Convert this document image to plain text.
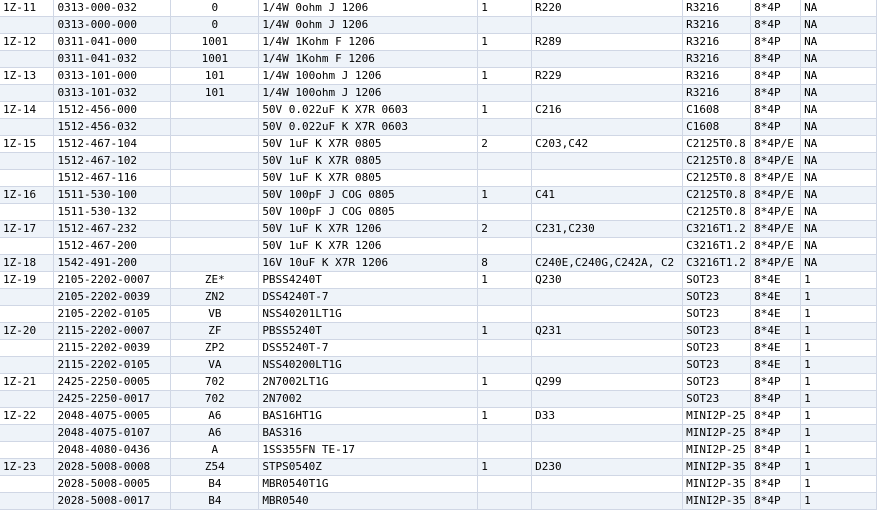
1Z-11	0313-000-032	0	1/4W 0ohm J 1206	1	R220	R3216	8*4P	NA
	0313-000-000	0	1/4W 0ohm J 1206			R3216	8*4P	NA
1Z-12	0311-041-000	1001	1/4W 1Kohm F 1206	1	R289	R3216	8*4P	NA
	0311-041-032	1001	1/4W 1Kohm F 1206			R3216	8*4P	NA
1Z-13	0313-101-000	101	1/4W 100ohm J 1206	1	R229	R3216	8*4P	NA
	0313-101-032	101	1/4W 100ohm J 1206			R3216	8*4P	NA
1Z-14	1512-456-000		50V 0.022uF K X7R 0603	1	C216	C1608	8*4P	NA
	1512-456-032		50V 0.022uF K X7R 0603			C1608	8*4P	NA
1Z-15	1512-467-104		50V 1uF K X7R 0805	2	C203,C42	C2125T0.8	8*4P/E	NA
	1512-467-102		50V 1uF K X7R 0805			C2125T0.8	8*4P/E	NA
	1512-467-116		50V 1uF K X7R 0805			C2125T0.8	8*4P/E	NA
1Z-16	1511-530-100		50V 100pF J COG 0805	1	C41	C2125T0.8	8*4P/E	NA
	1511-530-132		50V 100pF J COG 0805			C2125T0.8	8*4P/E	NA
1Z-17	1512-467-232		50V 1uF K X7R 1206	2	C231,C230	C3216T1.2	8*4P/E	NA
	1512-467-200		50V 1uF K X7R 1206			C3216T1.2	8*4P/E	NA
1Z-18	1542-491-200		16V 10uF K X7R 1206	8	C240E,C240G,C242A, C2	C3216T1.2	8*4P/E	NA
1Z-19	2105-2202-0007	ZE*	PBSS4240T	1	Q230	SOT23	8*4E	1
	2105-2202-0039	ZN2	DSS4240T-7			SOT23	8*4E	1
	2105-2202-0105	VB	NSS40201LT1G			SOT23	8*4E	1
1Z-20	2115-2202-0007	ZF	PBSS5240T	1	Q231	SOT23	8*4E	1
	2115-2202-0039	ZP2	DSS5240T-7			SOT23	8*4E	1
	2115-2202-0105	VA	NSS40200LT1G			SOT23	8*4E	1
1Z-21	2425-2250-0005	702	2N7002LT1G	1	Q299	SOT23	8*4P	1
	2425-2250-0017	702	2N7002			SOT23	8*4P	1
1Z-22	2048-4075-0005	A6	BAS16HT1G	1	D33	MINI2P-25	8*4P	1
	2048-4075-0107	A6	BAS316			MINI2P-25	8*4P	1
	2048-4080-0436	A	1SS355FN TE-17			MINI2P-25	8*4P	1
1Z-23	2028-5008-0008	Z54	STPS0540Z	1	D230	MINI2P-35	8*4P	1
	2028-5008-0005	B4	MBR0540T1G			MINI2P-35	8*4P	1
	2028-5008-0017	B4	MBR0540			MINI2P-35	8*4P	1
